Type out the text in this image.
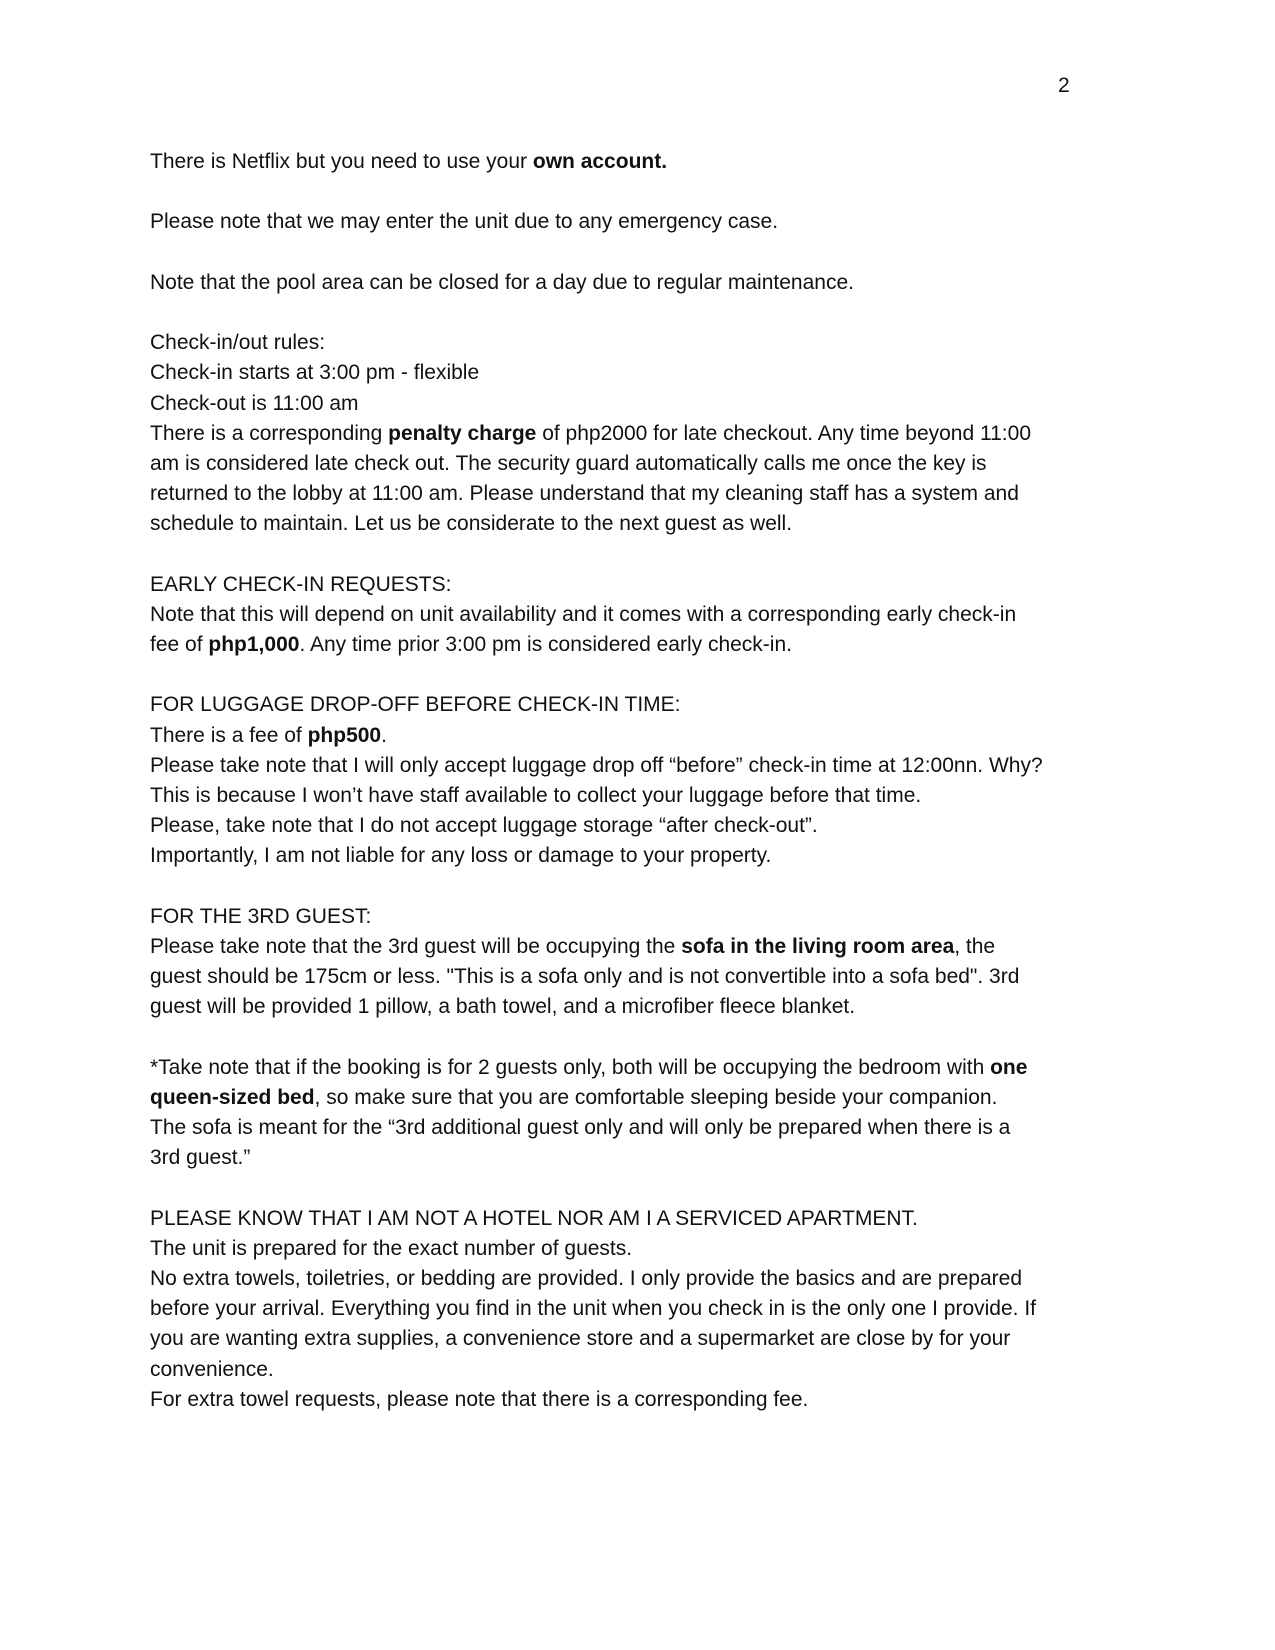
2

There is Netflix but you need to use your own account.

Please note that we may enter the unit due to any emergency case.

Note that the pool area can be closed for a day due to regular maintenance.

Check-in/out rules:
Check-in starts at 3:00 pm - flexible
Check-out is 11:00 am
There is a corresponding penalty charge of php2000 for late checkout. Any time beyond 11:00
am is considered late check out. The security guard automatically calls me once the key is
returned to the lobby at 11:00 am. Please understand that my cleaning staff has a system and
schedule to maintain. Let us be considerate to the next guest as well.

EARLY CHECK-IN REQUESTS:
Note that this will depend on unit availability and it comes with a corresponding early check-in
fee of php1,000. Any time prior 3:00 pm is considered early check-in.

FOR LUGGAGE DROP-OFF BEFORE CHECK-IN TIME:
There is a fee of php500.
Please take note that I will only accept luggage drop off “before” check-in time at 12:00nn. Why?
This is because I won’t have staff available to collect your luggage before that time.
Please, take note that I do not accept luggage storage “after check-out”.
Importantly, I am not liable for any loss or damage to your property.

FOR THE 3RD GUEST:
Please take note that the 3rd guest will be occupying the sofa in the living room area, the
guest should be 175cm or less. "This is a sofa only and is not convertible into a sofa bed". 3rd
guest will be provided 1 pillow, a bath towel, and a microfiber fleece blanket.

*Take note that if the booking is for 2 guests only, both will be occupying the bedroom with one
queen-sized bed, so make sure that you are comfortable sleeping beside your companion.
The sofa is meant for the “3rd additional guest only and will only be prepared when there is a
3rd guest.”

PLEASE KNOW THAT I AM NOT A HOTEL NOR AM I A SERVICED APARTMENT.
The unit is prepared for the exact number of guests.
No extra towels, toiletries, or bedding are provided. I only provide the basics and are prepared
before your arrival. Everything you find in the unit when you check in is the only one I provide. If
you are wanting extra supplies, a convenience store and a supermarket are close by for your
convenience.
For extra towel requests, please note that there is a corresponding fee.
